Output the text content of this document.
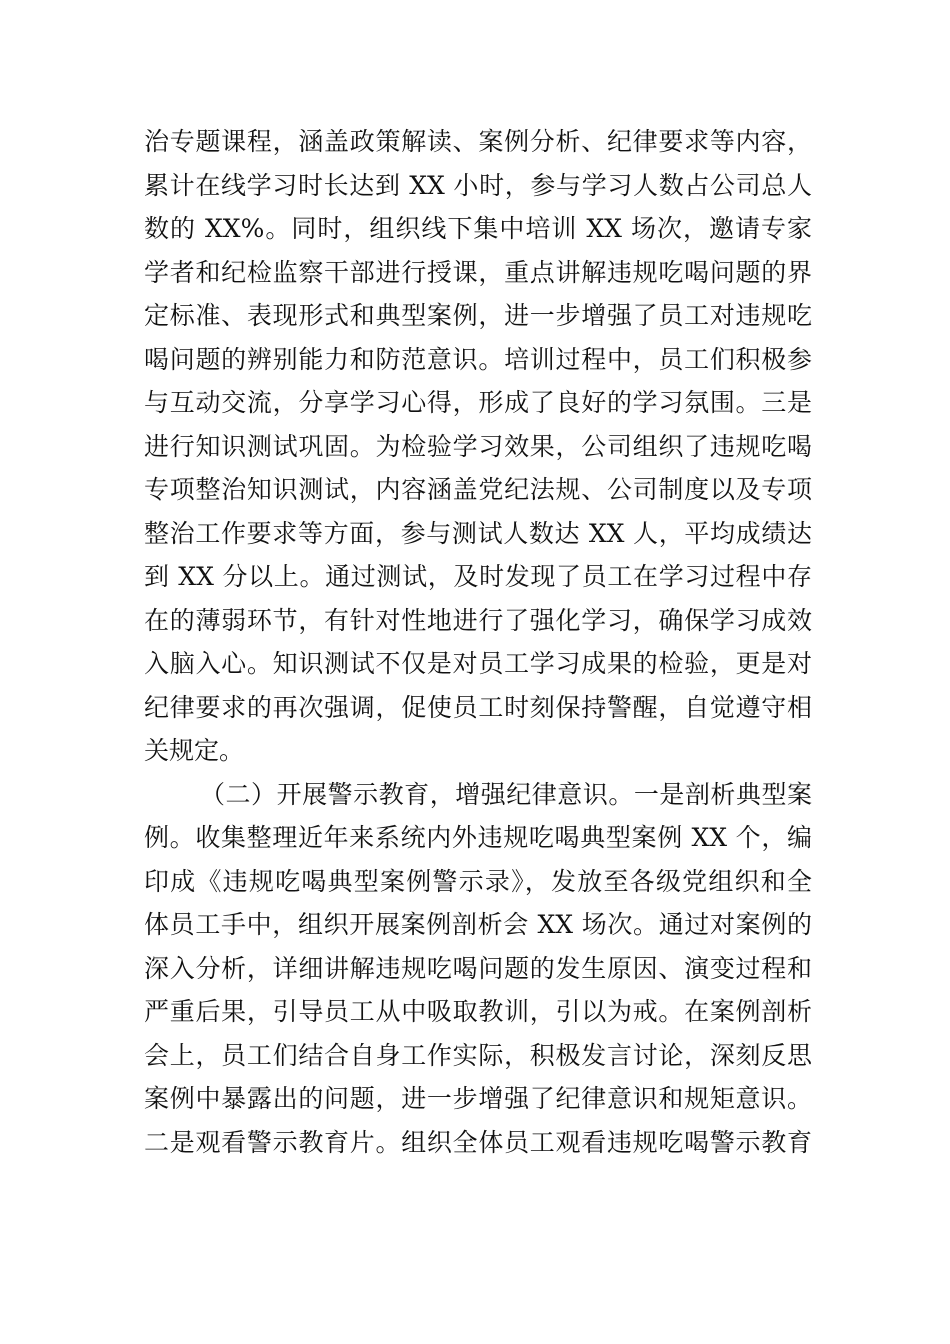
治专题课程，涵盖政策解读、案例分析、纪律要求等内容，
累计在线学习时长达到 XX 小时，参与学习人数占公司总人
数的 XX%。同时，组织线下集中培训 XX 场次，邀请专家
学者和纪检监察干部进行授课，重点讲解违规吃喝问题的界
定标准、表现形式和典型案例，进一步增强了员工对违规吃
喝问题的辨别能力和防范意识。培训过程中，员工们积极参
与互动交流，分享学习心得，形成了良好的学习氛围。三是
进行知识测试巩固。为检验学习效果，公司组织了违规吃喝
专项整治知识测试，内容涵盖党纪法规、公司制度以及专项
整治工作要求等方面，参与测试人数达 XX 人，平均成绩达
到 XX 分以上。通过测试，及时发现了员工在学习过程中存
在的薄弱环节，有针对性地进行了强化学习，确保学习成效
入脑入心。知识测试不仅是对员工学习成果的检验，更是对
纪律要求的再次强调，促使员工时刻保持警醒，自觉遵守相
关规定。
（二）开展警示教育，增强纪律意识。一是剖析典型案
例。收集整理近年来系统内外违规吃喝典型案例 XX 个，编
印成《违规吃喝典型案例警示录》，发放至各级党组织和全
体员工手中，组织开展案例剖析会 XX 场次。通过对案例的
深入分析，详细讲解违规吃喝问题的发生原因、演变过程和
严重后果，引导员工从中吸取教训，引以为戒。在案例剖析
会上，员工们结合自身工作实际，积极发言讨论，深刻反思
案例中暴露出的问题，进一步增强了纪律意识和规矩意识。
二是观看警示教育片。组织全体员工观看违规吃喝警示教育
